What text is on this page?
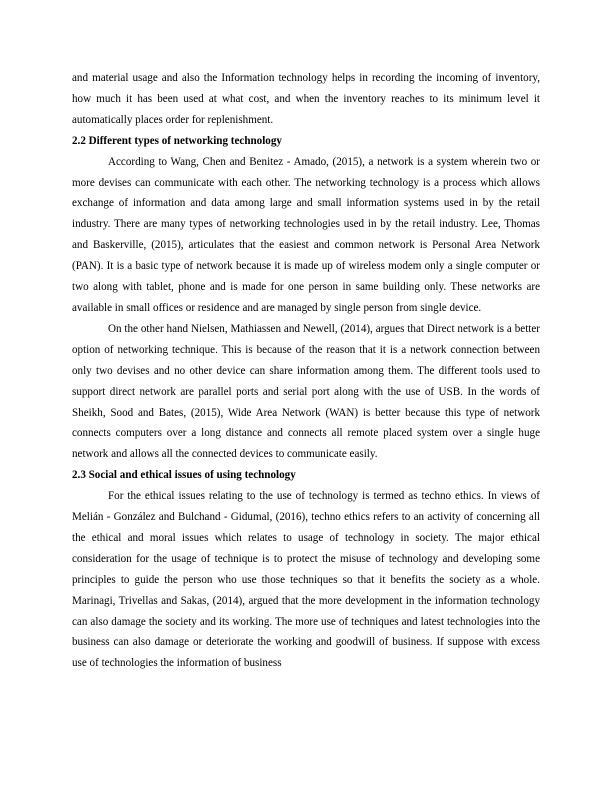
and material usage and also the Information technology helps in recording the incoming of inventory, how much it has been used at what cost, and when the inventory reaches to its minimum level it automatically places order for replenishment.

2.2 Different types of networking technology

According to Wang, Chen and Benitez - Amado, (2015), a network is a system wherein two or more devises can communicate with each other. The networking technology is a process which allows exchange of information and data among large and small information systems used in by the retail industry. There are many types of networking technologies used in by the retail industry. Lee, Thomas and Baskerville, (2015), articulates that the easiest and common network is Personal Area Network (PAN). It is a basic type of network because it is made up of wireless modem only a single computer or two along with tablet, phone and is made for one person in same building only. These networks are available in small offices or residence and are managed by single person from single device.

On the other hand Nielsen, Mathiassen and Newell, (2014), argues that Direct network is a better option of networking technique. This is because of the reason that it is a network connection between only two devises and no other device can share information among them. The different tools used to support direct network are parallel ports and serial port along with the use of USB. In the words of Sheikh, Sood and Bates, (2015), Wide Area Network (WAN) is better because this type of network connects computers over a long distance and connects all remote placed system over a single huge network and allows all the connected devices to communicate easily.

2.3 Social and ethical issues of using technology

For the ethical issues relating to the use of technology is termed as techno ethics. In views of Melián - González and Bulchand - Gidumal, (2016), techno ethics refers to an activity of concerning all the ethical and moral issues which relates to usage of technology in society. The major ethical consideration for the usage of technique is to protect the misuse of technology and developing some principles to guide the person who use those techniques so that it benefits the society as a whole. Marinagi, Trivellas and Sakas, (2014), argued that the more development in the information technology can also damage the society and its working. The more use of techniques and latest technologies into the business can also damage or deteriorate the working and goodwill of business. If suppose with excess use of technologies the information of business
